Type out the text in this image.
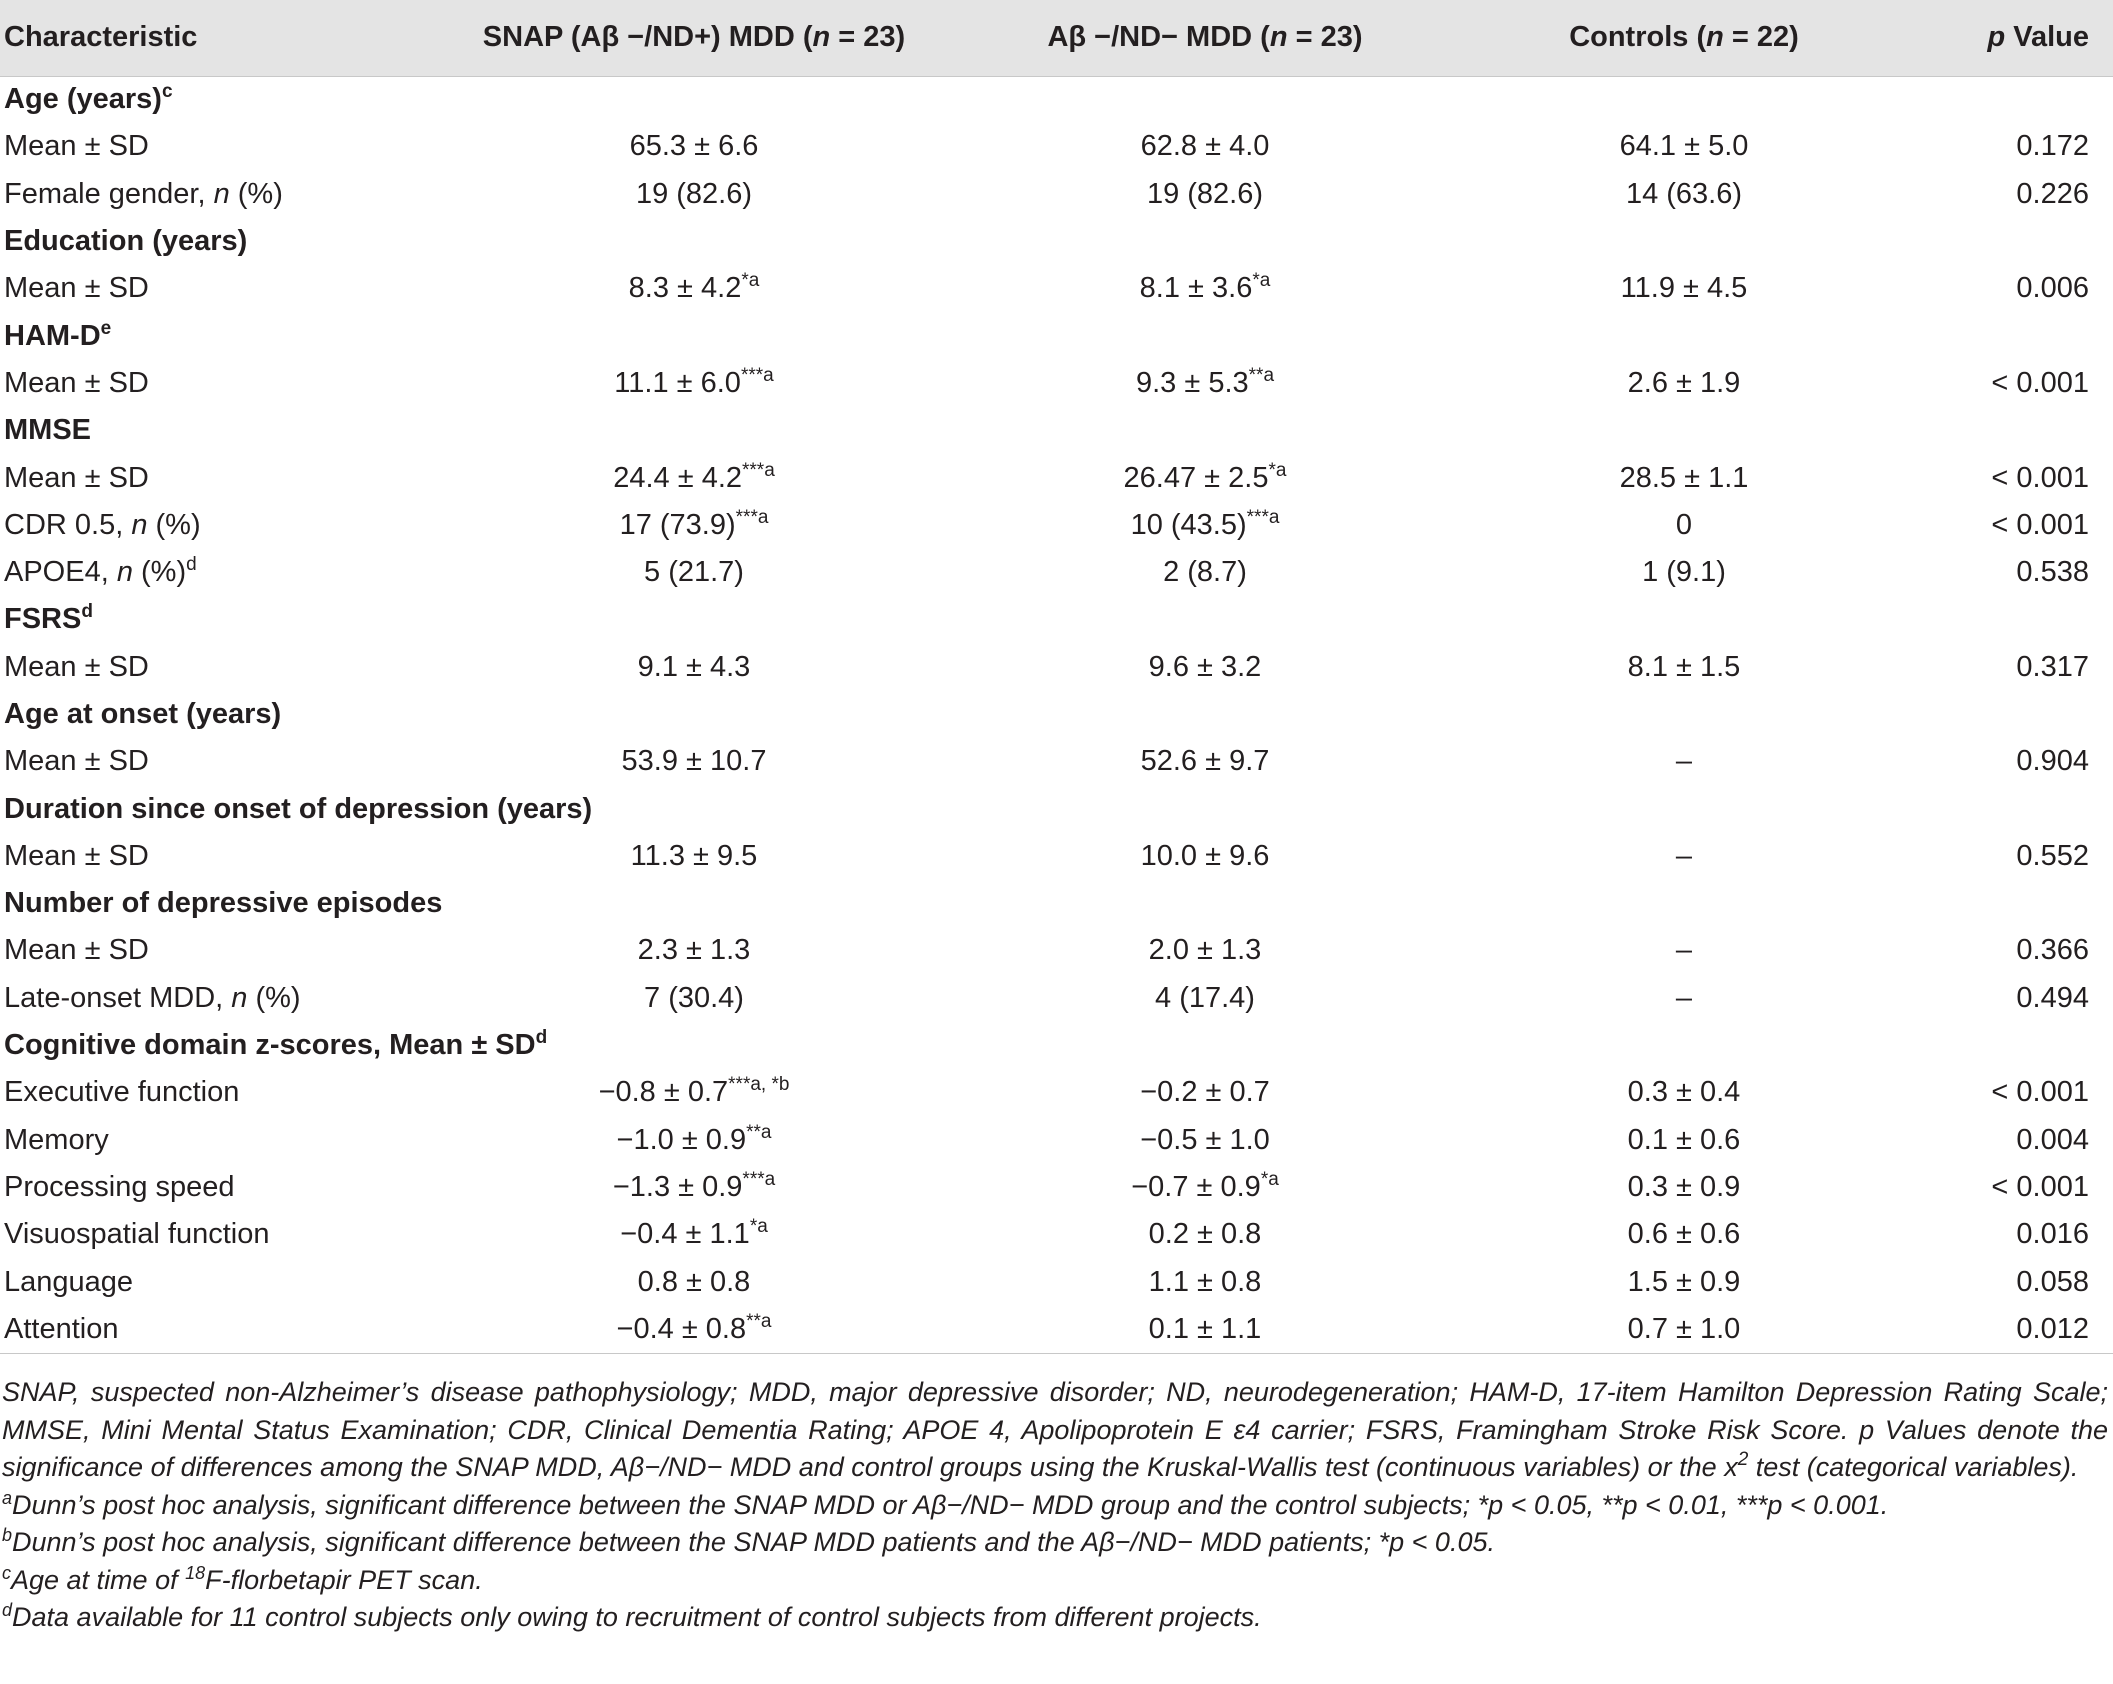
Characteristic	SNAP (Aβ −/ND+) MDD (n = 23)	Aβ −/ND− MDD (n = 23)	Controls (n = 22)	p Value
Age (years)$^c$
Mean ± SD	65.3 ± 6.6	62.8 ± 4.0	64.1 ± 5.0	0.172
Female gender, n (%)	19 (82.6)	19 (82.6)	14 (63.6)	0.226
Education (years)				
Mean ± SD	$8.3 \pm 4.2^{*a}$	$8.1 \pm 3.6^{*a}$	11.9 ± 4.5	0.006
HAM-De
Mean ± SD	$11.1 \pm 6.0^{***a}$	$9.3 \pm 5.3^{**a}$	2.6 ± 1.9	< 0.001
MMSE				
Mean ± SD	$24.4 \pm 4.2^{***a}$	$26.47 \pm 2.5^{*a}$	28.5 ± 1.1	< 0.001
CDR 0.5, n (%)	17 $(73.9)^{***a}$	10 $(43.5)^{***a}$	0	< 0.001
APOE4, n (%)$^d$	5 (21.7)	2 (8.7)	1 (9.1)	0.538
FSRS$^d$
Mean ± SD	9.1 ± 4.3	9.6 ± 3.2	8.1 ± 1.5	0.317
Age at onset (years)				
Mean ± SD	53.9 ± 10.7	52.6 ± 9.7	–	0.904
Duration since onset of depression (years)				
Mean ± SD	11.3 ± 9.5	10.0 ± 9.6	–	0.552
Number of depressive episodes				
Mean ± SD	2.3 ± 1.3	2.0 ± 1.3	–	0.366
Late-onset MDD, n (%)	7 (30.4)	4 (17.4)	–	0.494
Cognitive domain z-scores, Mean ± $SD^d$
Executive function	$-0.8 \pm 0.7^{***a, *b}$	−0.2 ± 0.7	0.3 ± 0.4	< 0.001
Memory	$-1.0 \pm 0.9^{**a}$	−0.5 ± 1.0	0.1 ± 0.6	0.004
Processing speed	$-1.3 \pm 0.9^{***a}$	$-0.7 \pm 0.9^{*a}$	0.3 ± 0.9	< 0.001
Visuospatial function	$-0.4 \pm 1.1^{*a}$	0.2 ± 0.8	0.6 ± 0.6	0.016
Language	0.8 ± 0.8	1.1 ± 0.8	1.5 ± 0.9	0.058
Attention	$-0.4 \pm 0.8^{**a}$	0.1 ± 1.1	0.7 ± 1.0	0.012

SNAP, suspected non-Alzheimer’s disease pathophysiology; MDD, major depressive disorder; ND, neurodegeneration; HAM-D, 17-item Hamilton Depression Rating Scale; MMSE, Mini Mental Status Examination; CDR, Clinical Dementia Rating; APOE 4, Apolipoprotein E ε4 carrier; FSRS, Framingham Stroke Risk Score. p Values denote the significance of differences among the SNAP MDD, Aβ−/ND− MDD and control groups using the Kruskal-Wallis test (continuous variables) or the $x^2$ test (categorical variables).

$^a$Dunn’s post hoc analysis, significant difference between the SNAP MDD or Aβ−/ND− MDD group and the control subjects; *p < 0.05, **p < 0.01, ***p < 0.001.

$^b$Dunn’s post hoc analysis, significant difference between the SNAP MDD patients and the Aβ−/ND− MDD patients; *p < 0.05.

$^c$Age at time of $^{18}$F-florbetapir PET scan.

$^d$Data available for 11 control subjects only owing to recruitment of control subjects from different projects.
